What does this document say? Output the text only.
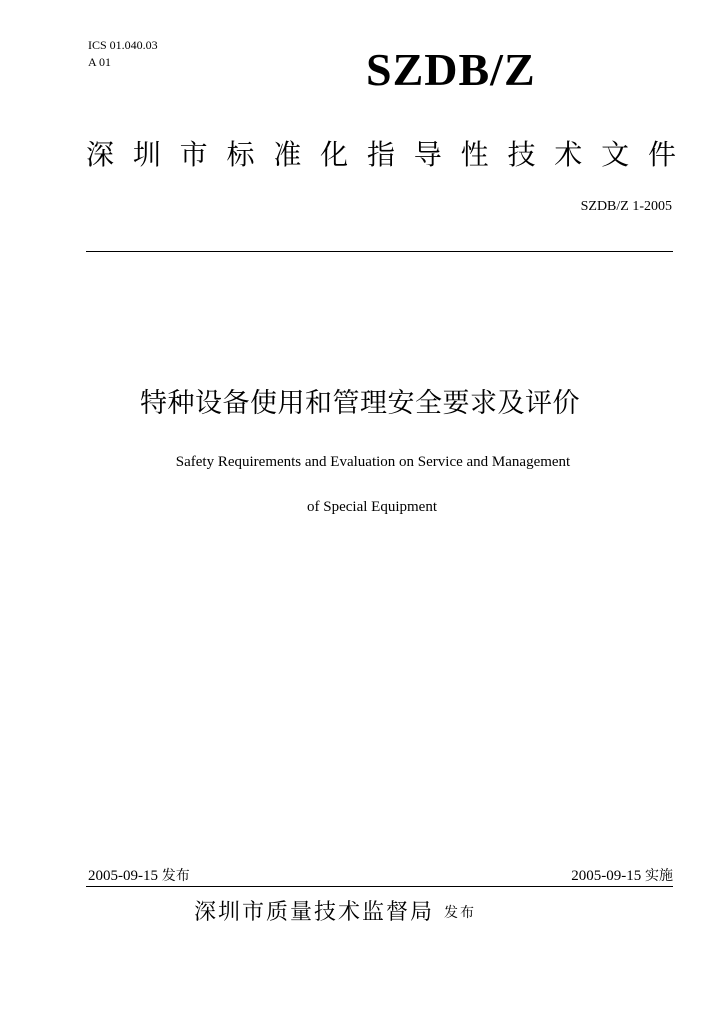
ICS 01.040.03
A 01	SZDB/Z
深 圳 市 标 准 化 指 导 性 技 术 文 件
SZDB/Z 1-2005
特种设备使用和管理安全要求及评价
Safety Requirements and Evaluation on Service and Management
of Special Equipment
2005-09-15 发布	2005-09-15 实施
深圳市质量技术监督局 发布
